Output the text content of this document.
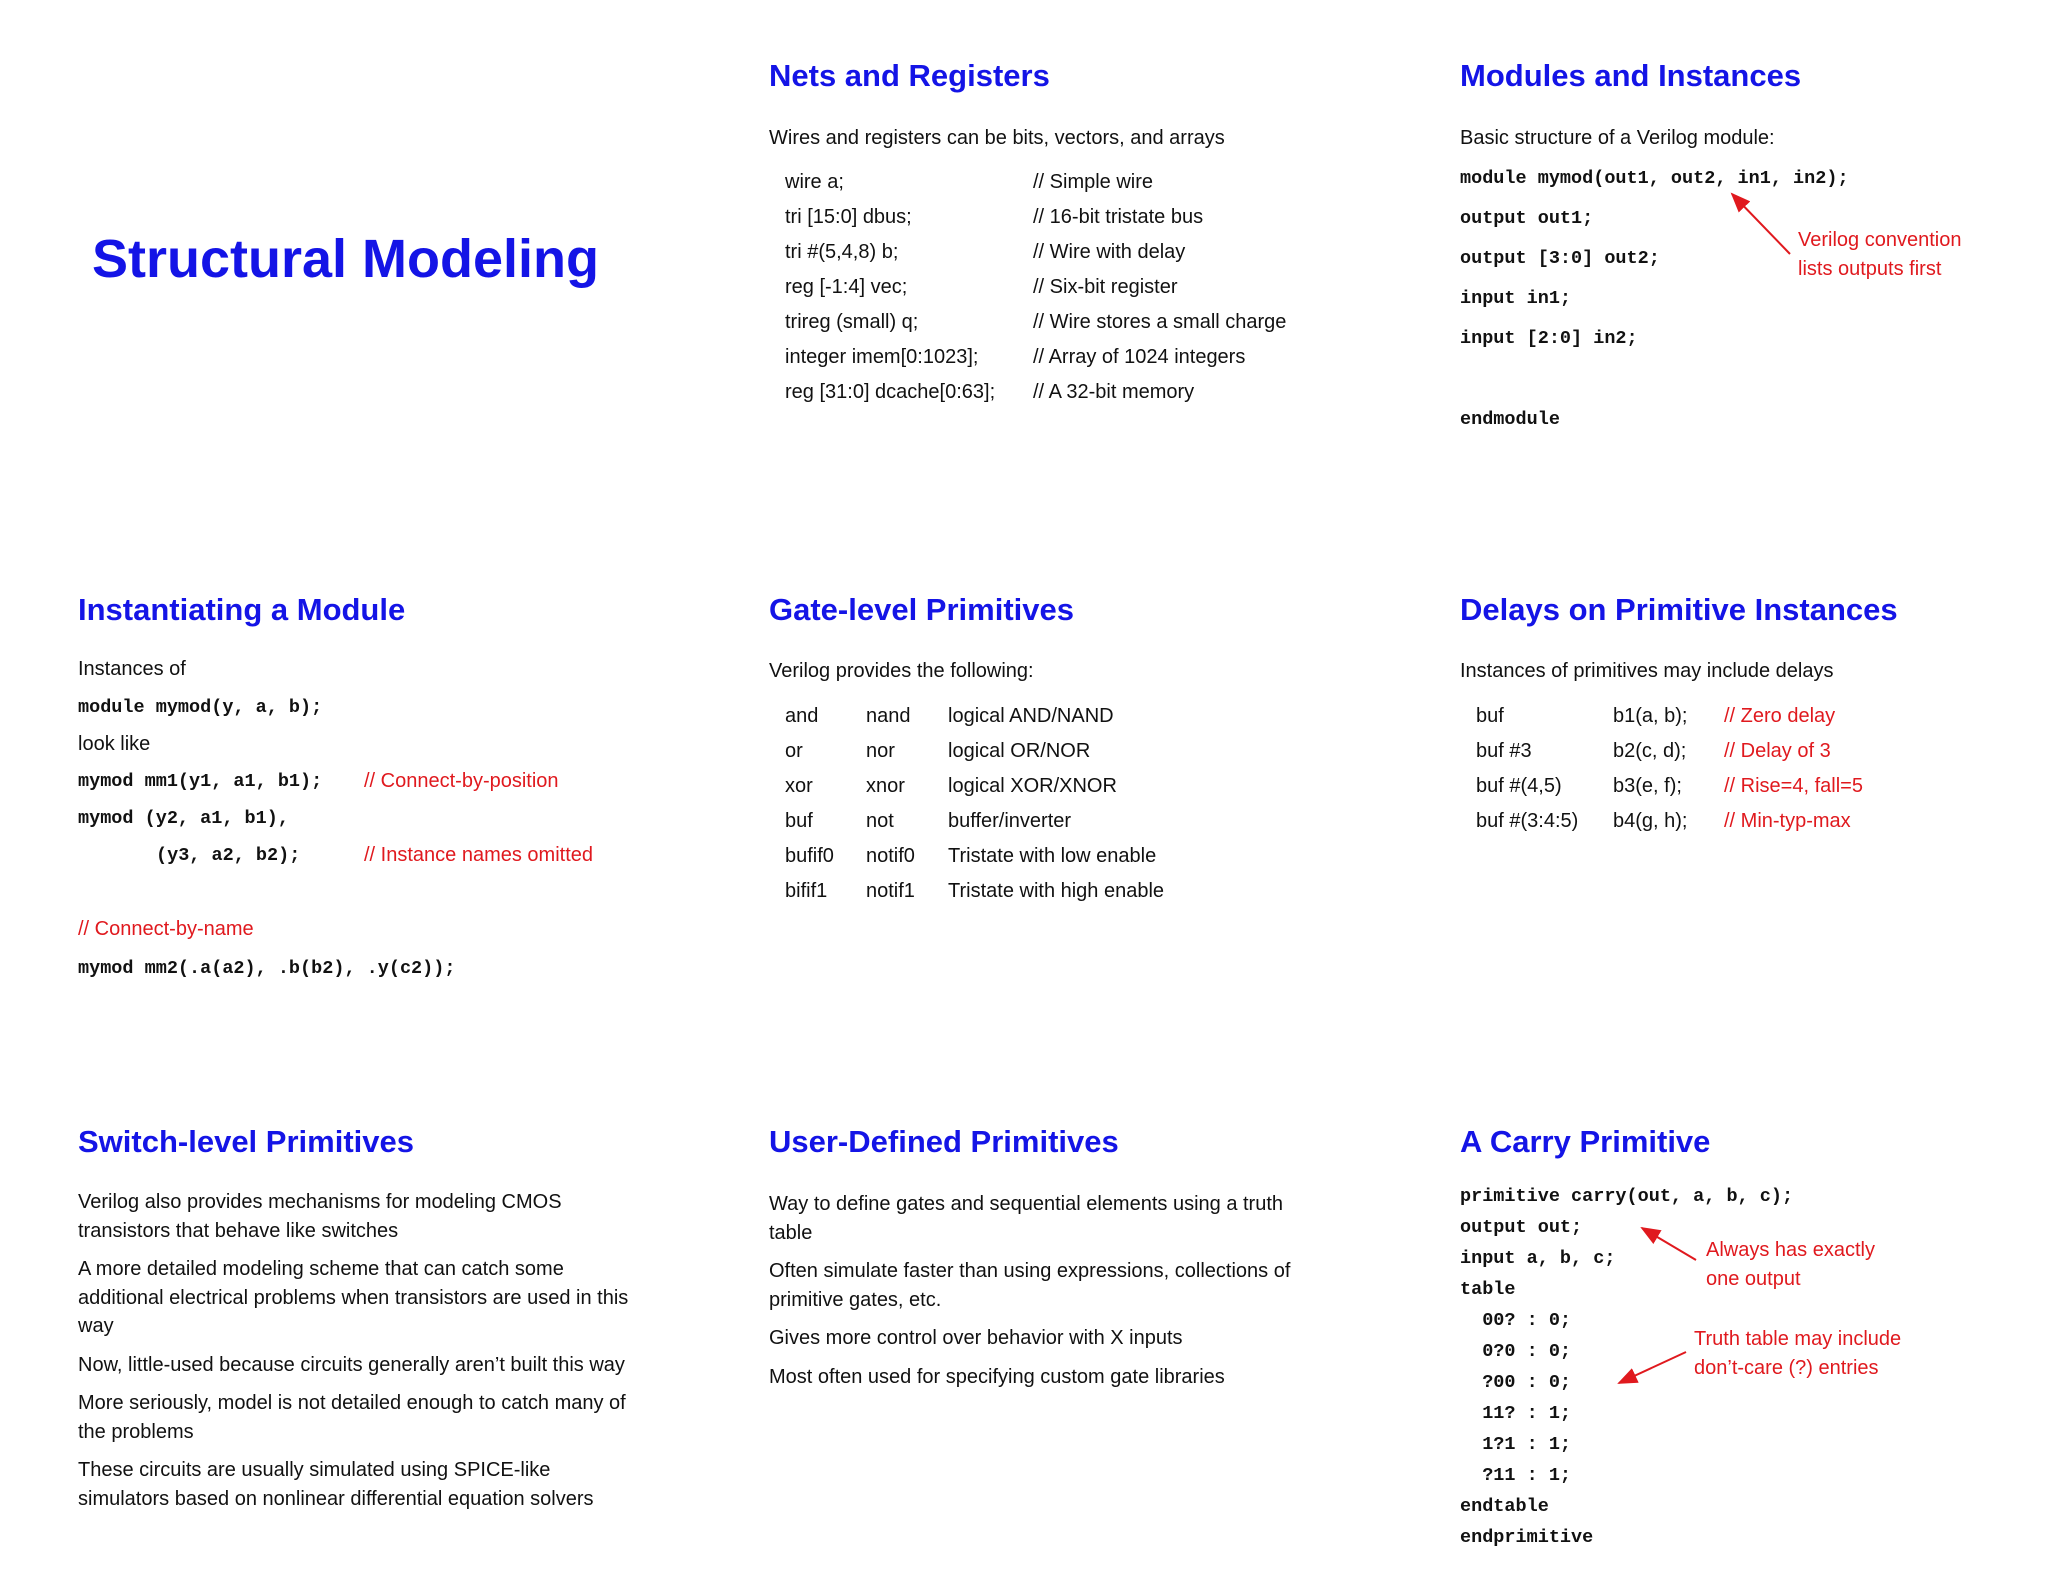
Structural Modeling
Nets and Registers
Wires and registers can be bits, vectors, and arrays
wire a;	// Simple wire
tri [15:0] dbus;	// 16-bit tristate bus
tri #(5,4,8) b;	// Wire with delay
reg [-1:4] vec;	// Six-bit register
trireg (small) q;	// Wire stores a small charge
integer imem[0:1023];	// Array of 1024 integers
reg [31:0] dcache[0:63]; // A 32-bit memory
Modules and Instances
Basic structure of a Verilog module:
module mymod(out1, out2, in1, in2);
output out1;
output [3:0] out2;
input in1;
input [2:0] in2;
endmodule
Verilog convention
lists outputs first
Instantiating a Module
Instances of
module mymod(y, a, b);
look like
mymod mm1(y1, a1, b1); // Connect-by-position
mymod (y2, a1, b1),
(y3, a2, b2);	// Instance names omitted
// Connect-by-name
mymod mm2(.a(a2), .b(b2), .y(c2));
Gate-level Primitives
Verilog provides the following:
and nand logical AND/NAND
or	nor	logical OR/NOR
xor	xnor logical XOR/XNOR
buf	not	buffer/inverter
bufif0 notif0 Tristate with low enable
bifif1 notif1 Tristate with high enable
Delays on Primitive Instances
Instances of primitives may include delays
buf	b1(a, b); // Zero delay
buf #3	b2(c, d); // Delay of 3
buf #(4,5)	b3(e, f); // Rise=4, fall=5
buf #(3:4:5) b4(g, h); // Min-typ-max
Switch-level Primitives
Verilog also provides mechanisms for modeling CMOS transistors that behave like switches
A more detailed modeling scheme that can catch some additional electrical problems when transistors are used in this way
Now, little-used because circuits generally aren’t built this way
More seriously, model is not detailed enough to catch many of the problems
These circuits are usually simulated using SPICE-like simulators based on nonlinear differential equation solvers
User-Defined Primitives
Way to define gates and sequential elements using a truth table
Often simulate faster than using expressions, collections of primitive gates, etc.
Gives more control over behavior with X inputs
Most often used for specifying custom gate libraries
A Carry Primitive
primitive carry(out, a, b, c);
output out;
input a, b, c;
table
00? : 0;
0?0 : 0;
?00 : 0;
11? : 1;
1?1 : 1;
?11 : 1;
endtable
endprimitive
Always has exactly
one output
Truth table may include
don’t-care (?) entries
